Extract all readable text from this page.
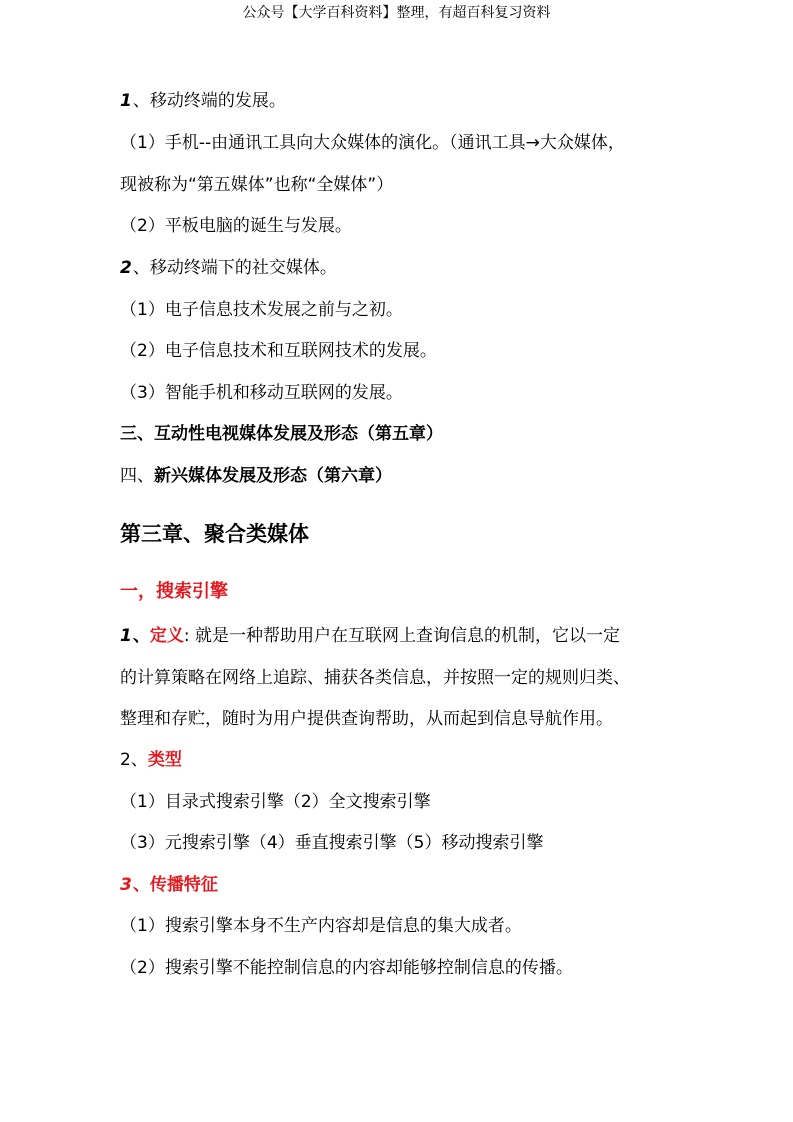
公众号【大学百科资料】整理，有超百科复习资料
1、移动终端的发展。
（1）手机--由通讯工具向大众媒体的演化。（通讯工具→大众媒体，
现被称为“第五媒体”也称“全媒体”）
（2）平板电脑的诞生与发展。
2、移动终端下的社交媒体。
（1）电子信息技术发展之前与之初。
（2）电子信息技术和互联网技术的发展。
（3）智能手机和移动互联网的发展。
三、互动性电视媒体发展及形态（第五章）
四、新兴媒体发展及形态（第六章）
第三章、聚合类媒体
一，搜索引擎
1、定义: 就是一种帮助用户在互联网上查询信息的机制，它以一定
的计算策略在网络上追踪、捕获各类信息，并按照一定的规则归类、
整理和存贮，随时为用户提供查询帮助，从而起到信息导航作用。
2、类型
（1）目录式搜索引擎（2）全文搜索引擎
（3）元搜索引擎（4）垂直搜索引擎（5）移动搜索引擎
3、传播特征
（1）搜索引擎本身不生产内容却是信息的集大成者。
（2）搜索引擎不能控制信息的内容却能够控制信息的传播。
